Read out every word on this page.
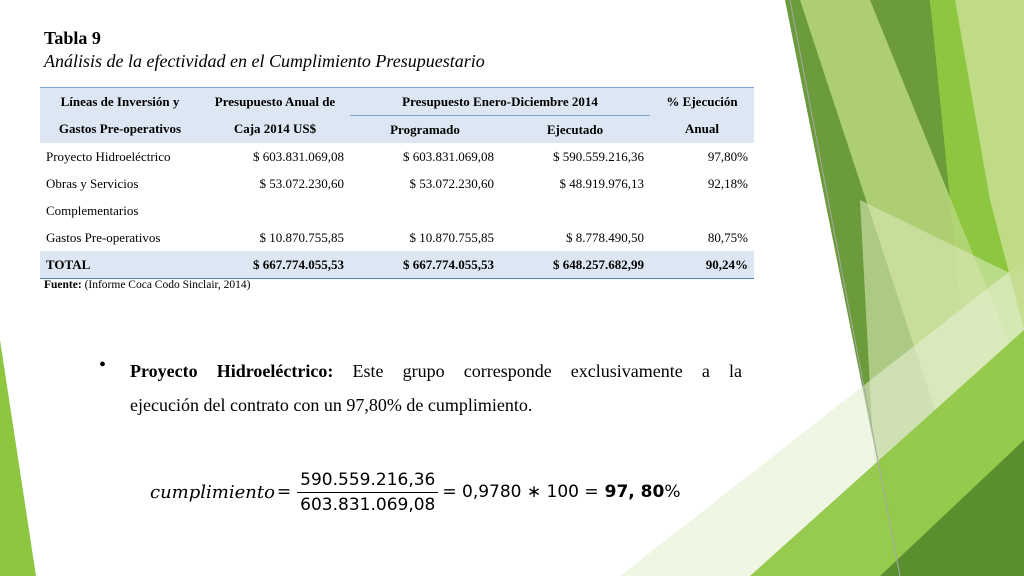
Tabla 9
Análisis de la efectividad en el Cumplimiento Presupuestario
Líneas de Inversión y	Presupuesto Anual de	Presupuesto Enero-Diciembre 2014		% Ejecución
Gastos Pre-operativos	Caja 2014 US$	Programado	Ejecutado	Anual
Proyecto Hidroeléctrico	$ 603.831.069,08	$ 603.831.069,08	$ 590.559.216,36	97,80%
Obras y Servicios	$ 53.072.230,60	$ 53.072.230,60	$ 48.919.976,13	92,18%
Complementarios				
Gastos Pre-operativos	$ 10.870.755,85	$ 10.870.755,85	$ 8.778.490,50	80,75%
TOTAL	$ 667.774.055,53	$ 667.774.055,53	$ 648.257.682,99	90,24%
Fuente: (Informe Coca Codo Sinclair, 2014)
• Proyecto Hidroeléctrico: Este grupo corresponde exclusivamente a la
ejecución del contrato con un 97,80% de cumplimiento.
cumplimiento = $\frac{590.559.216,36}{603.831.069,08} = 0,9780$ ∗ 100 = 97, 80%
